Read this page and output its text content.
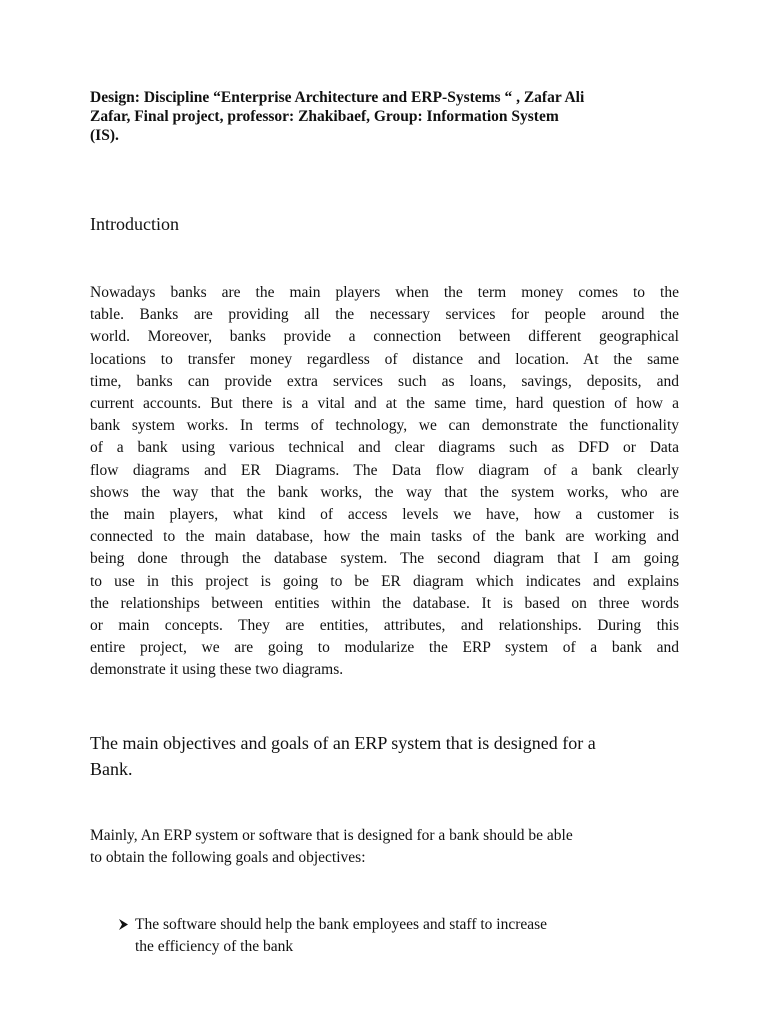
Design: Discipline “Enterprise Architecture and ERP-Systems “ , Zafar Ali
Zafar, Final project, professor: Zhakibaef, Group: Information System
(IS).
Introduction
Nowadays banks are the main players when the term money comes to the
table. Banks are providing all the necessary services for people around the
world. Moreover, banks provide a connection between different geographical
locations to transfer money regardless of distance and location. At the same
time, banks can provide extra services such as loans, savings, deposits, and
current accounts. But there is a vital and at the same time, hard question of how a
bank system works. In terms of technology, we can demonstrate the functionality
of a bank using various technical and clear diagrams such as DFD or Data
flow diagrams and ER Diagrams. The Data flow diagram of a bank clearly
shows the way that the bank works, the way that the system works, who are
the main players, what kind of access levels we have, how a customer is
connected to the main database, how the main tasks of the bank are working and
being done through the database system. The second diagram that I am going
to use in this project is going to be ER diagram which indicates and explains
the relationships between entities within the database. It is based on three words
or main concepts. They are entities, attributes, and relationships. During this
entire project, we are going to modularize the ERP system of a bank and
demonstrate it using these two diagrams.
The main objectives and goals of an ERP system that is designed for a
Bank.
Mainly, An ERP system or software that is designed for a bank should be able
to obtain the following goals and objectives:
The software should help the bank employees and staff to increase
the efficiency of the bank
